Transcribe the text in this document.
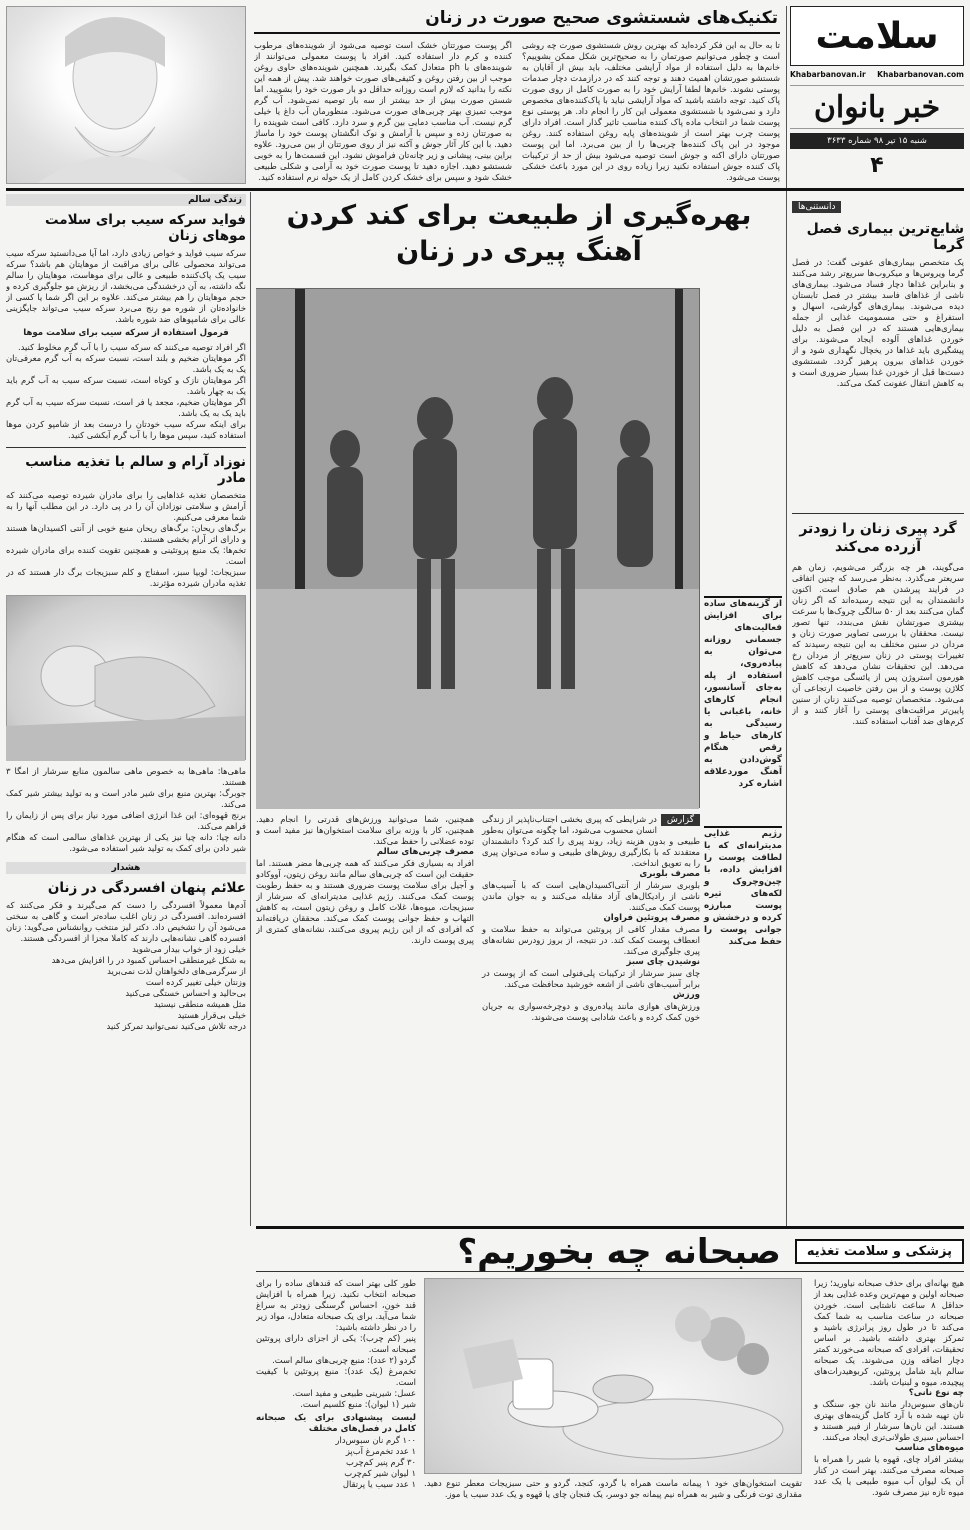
سلامت
Khabarbanovan.ir Khabarbanovan.com
خبر بانوان
شنبه ۱۵ تیر ۹۸ شماره ۳۶۳۳
۴
تکنیک‌های شستشوی صحیح صورت در زنان

تا به حال به این فکر کرده‌اید که بهترین روش شستشوی صورت چه روشی است و چطور می‌توانیم صورتمان را به صحیح‌ترین شکل ممکن بشوییم؟ خانم‌ها به دلیل استفاده از مواد آرایشی مختلف، باید بیش از آقایان به شستشو صورتشان اهمیت دهند و توجه کنند که در درازمدت دچار صدمات پوستی نشوند. خانم‌ها لطفا آرایش خود را به صورت کامل از روی صورت پاک کنید. توجه داشته باشید که مواد آرایشی نباید با پاک‌کننده‌های مخصوص دارد و نمی‌شود با شستشوی معمولی این کار را انجام داد. هر پوستی نوع پوست شما در انتخاب ماده پاک کننده مناسب تاثیر گذار است. افراد دارای پوست چرب بهتر است از شوینده‌های پایه روغن استفاده کنند. روغن موجود در این پاک کننده‌ها چربی‌ها را از بین می‌برد. اما این پوست صورتتان دارای اکنه و جوش است توصیه می‌شود بیش از حد از ترکیبات پاک کننده جوش استفاده نکنید زیرا زیاده روی در این مورد باعث خشکی پوست می‌شود.

اگر پوست صورتتان خشک است توصیه می‌شود از شوینده‌های مرطوب کننده و کرم دار استفاده کنید. افراد با پوست معمولی می‌توانند از شوینده‌های با ph متعادل کمک بگیرند. همچنین شوینده‌های حاوی روغن موجب از بین رفتن روغن و کثیفی‌های صورت خواهند شد. پیش از همه این نکته را بدانید که لازم است روزانه حداقل دو بار صورت خود را بشویید. اما شستن صورت بیش از حد بیشتر از سه بار توصیه نمی‌شود. آب گرم موجب تمیزی بهتر چربی‌های صورت می‌شود. منظورمان آب داغ یا خیلی گرم نیست. آب مناسب دمایی بین گرم و سرد دارد. کافی است شوینده را به صورتتان زده و سپس با آرامش و نوک انگشتان پوست خود را ماساژ دهید. با این کار آثار جوش و آکنه نیز از روی صورتتان از بین می‌رود. علاوه براین بینی، پیشانی و زیر چانه‌تان فراموش نشود. این قسمت‌ها را به خوبی شستشو دهید. اجازه دهید تا پوست صورت خود به آرامی و شکلی طبیعی خشک شود و سپس برای خشک کردن کامل از یک حوله نرم استفاده کنید.

دانستنی‌ها
شایع‌ترین بیماری فصل گرما

یک متخصص بیماری‌های عفونی گفت: در فصل گرما ویروس‌ها و میکروب‌ها سریع‌تر رشد می‌کنند و بنابراین غذاها دچار فساد می‌شود. بیماری‌های ناشی از غذاهای فاسد بیشتر در فصل تابستان دیده می‌شوند. بیماری‌های گوارشی، اسهال و استفراغ و حتی مسمومیت غذایی از جمله بیماری‌هایی هستند که در این فصل به دلیل خوردن غذاهای آلوده ایجاد می‌شوند. برای پیشگیری باید غذاها در یخچال نگهداری شود و از خوردن غذاهای بیرون پرهیز گردد. شستشوی دست‌ها قبل از خوردن غذا بسیار ضروری است و به کاهش انتقال عفونت کمک می‌کند.

گرد پیری زنان را زودتر آزرده می‌کند

می‌گویند، هر چه بزرگتر می‌شویم، زمان هم سریعتر می‌گذرد. به‌نظر می‌رسد که چنین اتفاقی در فرایند پیرشدن هم صادق است. اکنون دانشمندان به این نتیجه رسیده‌اند که اگر زنان گمان می‌کنند بعد از ۵۰ سالگی چروک‌ها با سرعت بیشتری صورتشان نقش می‌بندد، تنها تصور نیست. محققان با بررسی تصاویر صورت زنان و مردان در سنین مختلف به این نتیجه رسیدند که تغییرات پوستی در زنان سریع‌تر از مردان رخ می‌دهد. این تحقیقات نشان می‌دهد که کاهش هورمون استروژن پس از یائسگی موجب کاهش کلاژن پوست و از بین رفتن خاصیت ارتجاعی آن می‌شود. متخصصان توصیه می‌کنند زنان از سنین پایین‌تر مراقبت‌های پوستی را آغاز کنند و از کرم‌های ضد آفتاب استفاده کنند.

زندگی سالم
فواید سرکه سیب برای سلامت موهای زنان

سرکه سیب فواید و خواص زیادی دارد، اما آیا می‌دانستید سرکه سیب می‌تواند محصولی عالی برای مراقبت از موهایتان هم باشد؟ سرکه سیب یک پاک‌کننده طبیعی و عالی برای موهاست، موهایتان را سالم نگه داشته، به آن درخشندگی می‌بخشد، از ریزش مو جلوگیری کرده و حجم موهایتان را هم بیشتر می‌کند. علاوه بر این اگر شما یا کسی از خانواده‌تان از شوره مو رنج می‌برد سرکه سیب می‌تواند جایگزینی عالی برای شامپوهای ضد شوره باشد.

فرمول استفاده از سرکه سیب برای سلامت موها

اگر افراد توصیه می‌کنند که سرکه سیب را با آب گرم مخلوط کنید.

اگر موهایتان ضخیم و بلند است، نسبت سرکه به آب گرم معرفی‌تان یک به یک باشد.

اگر موهایتان نازک و کوتاه است، نسبت سرکه سیب به آب گرم باید یک به چهار باشد.

اگر موهایتان ضخیم، مجعد یا فر است، نسبت سرکه سیب به آب گرم باید یک به یک باشد.

برای اینکه سرکه سیب خودتان را درست بعد از شامپو کردن موها استفاده کنید، سپس موها را با آب گرم آبکشی کنید.

نوزاد آرام و سالم با تغذیه مناسب مادر

متخصصان تغذیه غذاهایی را برای مادران شیرده توصیه می‌کنند که آرامش و سلامتی نوزادان آن را در پی دارد. در این مطلب آنها را به شما معرفی می‌کنیم.

برگ‌های ریحان: برگ‌های ریحان منبع خوبی از آنتی اکسیدان‌ها هستند و دارای اثر آرام بخشی هستند.

تخم‌ها: یک منبع پروتئینی و همچنین تقویت کننده برای مادران شیرده است.

سبزیجات: لوبیا سبز، اسفناج و کلم سبزیجات برگ دار هستند که در تغذیه مادران شیرده مؤثرند.

ماهی‌ها: ماهی‌ها به خصوص ماهی سالمون منابع سرشار از امگا ۳ هستند.

جوبرگ: بهترین منبع برای شیر مادر است و به تولید بیشتر شیر کمک می‌کند.

برنج قهوه‌ای: این غذا انرژی اضافی مورد نیاز برای پس از زایمان را فراهم می‌کند.

دانه چیا: دانه چیا نیز یکی از بهترین غذاهای سالمی است که هنگام شیر دادن برای کمک به تولید شیر استفاده می‌شود.

هشدار
علائم پنهان افسردگی در زنان

آدم‌ها معمولاً افسردگی را دست کم می‌گیرند و فکر می‌کنند که افسرده‌اند. افسردگی در زنان اغلب ساده‌تر است و گاهی به سختی می‌شود آن را تشخیص داد. دکتر لیز منتخب روانشناس می‌گوید: زنان افسرده گاهی نشانه‌هایی دارند که کاملا مجزا از افسردگی هستند.

خیلی زود از خواب بیدار می‌شوید

به شکل غیرمنطقی احساس کمبود در را افزایش می‌دهد

از سرگرمی‌های دلخواهتان لذت نمی‌برید

وزنتان خیلی تغییر کرده است

بی‌حالید و احساس خستگی می‌کنید

مثل همیشه منطقی نیستید

خیلی بی‌قرار هستید

درجه تلاش می‌کنید نمی‌توانید تمرکز کنید

بهره‌گیری از طبیعت برای کند کردن
آهنگ پیری در زنان

از گزینه‌های ساده برای افزایش فعالیت‌های جسمانی روزانه می‌توان به پیاده‌روی، استفاده از پله به‌جای آسانسور، انجام کارهای خانه، باغبانی یا رسیدگی به کارهای حیاط و رقص هنگام گوش‌دادن به آهنگ موردعلاقه اشاره کرد

رژیم غذایی مدیترانه‌ای که با لطافت پوست را افزایش داده، با چین‌وچروک و لکه‌های تیره پوست مبارزه کرده و درخشش و جوانی پوست را حفظ می‌کند

گزارش

در شرایطی که پیری بخشی اجتناب‌ناپذیر از زندگی انسان محسوب می‌شود، اما چگونه می‌توان به‌طور طبیعی و بدون هزینه زیاد، روند پیری را کند کرد؟ دانشمندان معتقدند که با بکارگیری روش‌های طبیعی و ساده می‌توان پیری را به تعویق انداخت.

مصرف بلوبری

بلوبری سرشار از آنتی‌اکسیدان‌هایی است که با آسیب‌های ناشی از رادیکال‌های آزاد مقابله می‌کنند و به جوان ماندن پوست کمک می‌کنند.

مصرف پروتئین فراوان

مصرف مقدار کافی از پروتئین می‌تواند به حفظ سلامت و انعطاف پوست کمک کند. در نتیجه، از بروز زودرس نشانه‌های پیری جلوگیری می‌کند.

نوشیدن چای سبز

چای سبز سرشار از ترکیبات پلی‌فنولی است که از پوست در برابر آسیب‌های ناشی از اشعه خورشید محافظت می‌کند.

ورزش

ورزش‌های هوازی مانند پیاده‌روی و دوچرخه‌سواری به جریان خون کمک کرده و باعث شادابی پوست می‌شوند.

همچنین، شما می‌توانید ورزش‌های قدرتی را انجام دهید. همچنین، کار با وزنه برای سلامت استخوان‌ها نیز مفید است و توده عضلانی را حفظ می‌کند.

مصرف چربی‌های سالم

افراد به بسیاری فکر می‌کنند که همه چربی‌ها مضر هستند. اما حقیقت این است که چربی‌های سالم مانند روغن زیتون، آووکادو و آجیل برای سلامت پوست ضروری هستند و به حفظ رطوبت پوست کمک می‌کنند. رژیم غذایی مدیترانه‌ای که سرشار از سبزیجات، میوه‌ها، غلات کامل و روغن زیتون است، به کاهش التهاب و حفظ جوانی پوست کمک می‌کند. محققان دریافته‌اند که افرادی که از این رژیم پیروی می‌کنند، نشانه‌های کمتری از پیری پوست دارند.

پزشکی و سلامت تغذیه
صبحانه چه بخوریم؟

هیچ بهانه‌ای برای حذف صبحانه نیاورید؛ زیرا صبحانه اولین و مهم‌ترین وعده غذایی بعد از حداقل ۸ ساعت ناشتایی است. خوردن صبحانه در ساعت مناسب به شما کمک می‌کند تا در طول روز پرانرژی باشید و تمرکز بهتری داشته باشید. بر اساس تحقیقات، افرادی که صبحانه می‌خورند کمتر دچار اضافه وزن می‌شوند. یک صبحانه سالم باید شامل پروتئین، کربوهیدرات‌های پیچیده، میوه و لبنیات باشد.

چه نوع نانی؟

نان‌های سبوس‌دار مانند نان جو، سنگک و نان تهیه شده با آرد کامل گزینه‌های بهتری هستند. این نان‌ها سرشار از فیبر هستند و احساس سیری طولانی‌تری ایجاد می‌کنند.

میوه‌های مناسب

بیشتر افراد چای، قهوه یا شیر را همراه با صبحانه مصرف می‌کنند. بهتر است در کنار آن یک لیوان آب میوه طبیعی یا یک عدد میوه تازه نیز مصرف شود.

طور کلی بهتر است که قندهای ساده را برای صبحانه انتخاب نکنید. زیرا همراه با افزایش قند خون، احساس گرسنگی زودتر به سراغ شما می‌آید. برای یک صبحانه متعادل، مواد زیر را در نظر داشته باشید:

پنیر (کم چرب): یکی از اجزای دارای پروتئین صبحانه است.

گردو (۲ عدد): منبع چربی‌های سالم است.

تخم‌مرغ (یک عدد): منبع پروتئین با کیفیت است.

عسل: شیرینی طبیعی و مفید است.

شیر (۱ لیوان): منبع کلسیم است.

لیست پیشنهادی برای یک صبحانه کامل در فصل‌های مختلف

۱۰۰ گرم نان سبوس‌دار

۱ عدد تخم‌مرغ آب‌پز

۳۰ گرم پنیر کم‌چرب

۱ لیوان شیر کم‌چرب

۱ عدد سیب یا پرتقال تقویت استخوان‌های خود ۱ پیمانه ماست همراه با گردو، کنجد، گردو و حتی سبزیجات معطر تنوع دهید. مقداری توت فرنگی و شیر به همراه نیم پیمانه جو دوسر، یک فنجان چای یا قهوه و یک عدد سیب یا موز.
